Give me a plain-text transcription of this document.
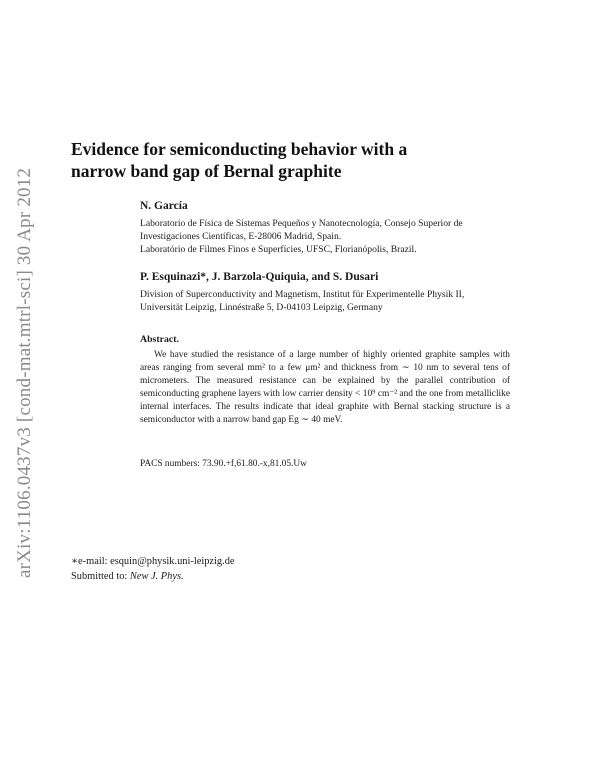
arXiv:1106.0437v3 [cond-mat.mtrl-sci] 30 Apr 2012
Evidence for semiconducting behavior with a
narrow band gap of Bernal graphite

N. García

Laboratorio de Física de Sistemas Pequeños y Nanotecnología, Consejo Superior de

Investigaciones Científicas, E-28006 Madrid, Spain.

Laboratório de Filmes Finos e Superfícies, UFSC, Florianópolis, Brazil.

P. Esquinazi*, J. Barzola-Quiquia, and S. Dusari

Division of Superconductivity and Magnetism, Institut für Experimentelle Physik II,

Universität Leipzig, Linnéstraße 5, D-04103 Leipzig, Germany

Abstract.

We have studied the resistance of a large number of highly oriented graphite samples with areas ranging from several mm² to a few μm² and thickness from ∼ 10 nm to several tens of micrometers. The measured resistance can be explained by the parallel contribution of semiconducting graphene layers with low carrier density < 10⁹ cm⁻² and the one from metalliclike internal interfaces. The results indicate that ideal graphite with Bernal stacking structure is a semiconductor with a narrow band gap Eg ∼ 40 meV.

PACS numbers: 73.90.+f,61.80.-x,81.05.Uw

∗e-mail: esquin@physik.uni-leipzig.de

Submitted to: New J. Phys.
